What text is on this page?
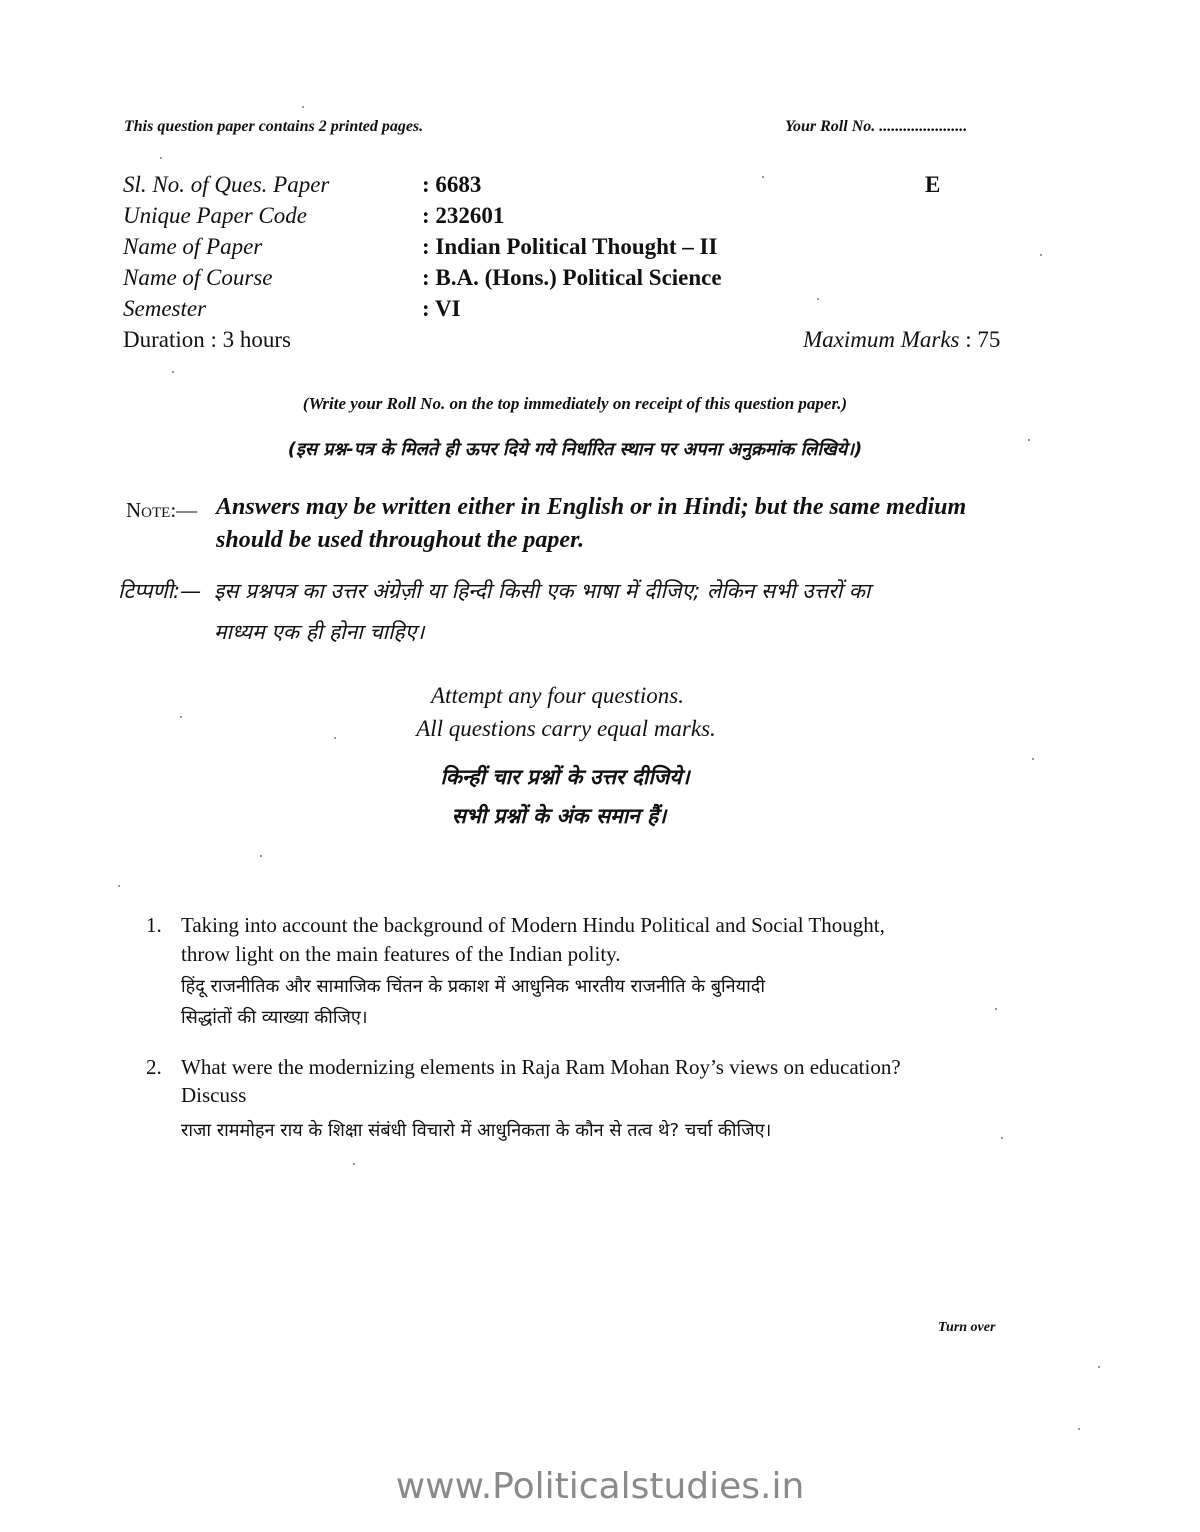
This question paper contains 2 printed pages.	Your Roll No. ......................
Sl. No. of Ques. Paper	: 6683	E
Unique Paper Code	: 232601
Name of Paper	: Indian Political Thought – II
Name of Course	: B.A. (Hons.) Political Science
Semester	: VI
Duration : 3 hours	Maximum Marks : 75
(Write your Roll No. on the top immediately on receipt of this question paper.)
(इस प्रश्न-पत्र के मिलते ही ऊपर दिये गये निर्धारित स्थान पर अपना अनुक्रमांक लिखिये।)
Note:— Answers may be written either in English or in Hindi; but the same medium
should be used throughout the paper.
टिप्पणी:— इस प्रश्नपत्र का उत्तर अंग्रेज़ी या हिन्दी किसी एक भाषा में दीजिए; लेकिन सभी उत्तरों का
माध्यम एक ही होना चाहिए।
Attempt any four questions.
All questions carry equal marks.
किन्हीं चार प्रश्नों के उत्तर दीजिये।
सभी प्रश्नों के अंक समान हैं।
1. Taking into account the background of Modern Hindu Political and Social Thought,
throw light on the main features of the Indian polity.
हिंदू राजनीतिक और सामाजिक चिंतन के प्रकाश में आधुनिक भारतीय राजनीति के बुनियादी
सिद्धांतों की व्याख्या कीजिए।
2. What were the modernizing elements in Raja Ram Mohan Roy’s views on education?
Discuss
राजा राममोहन राय के शिक्षा संबंधी विचारो में आधुनिकता के कौन से तत्व थे? चर्चा कीजिए।
Turn over
www.Politicalstudies.in
